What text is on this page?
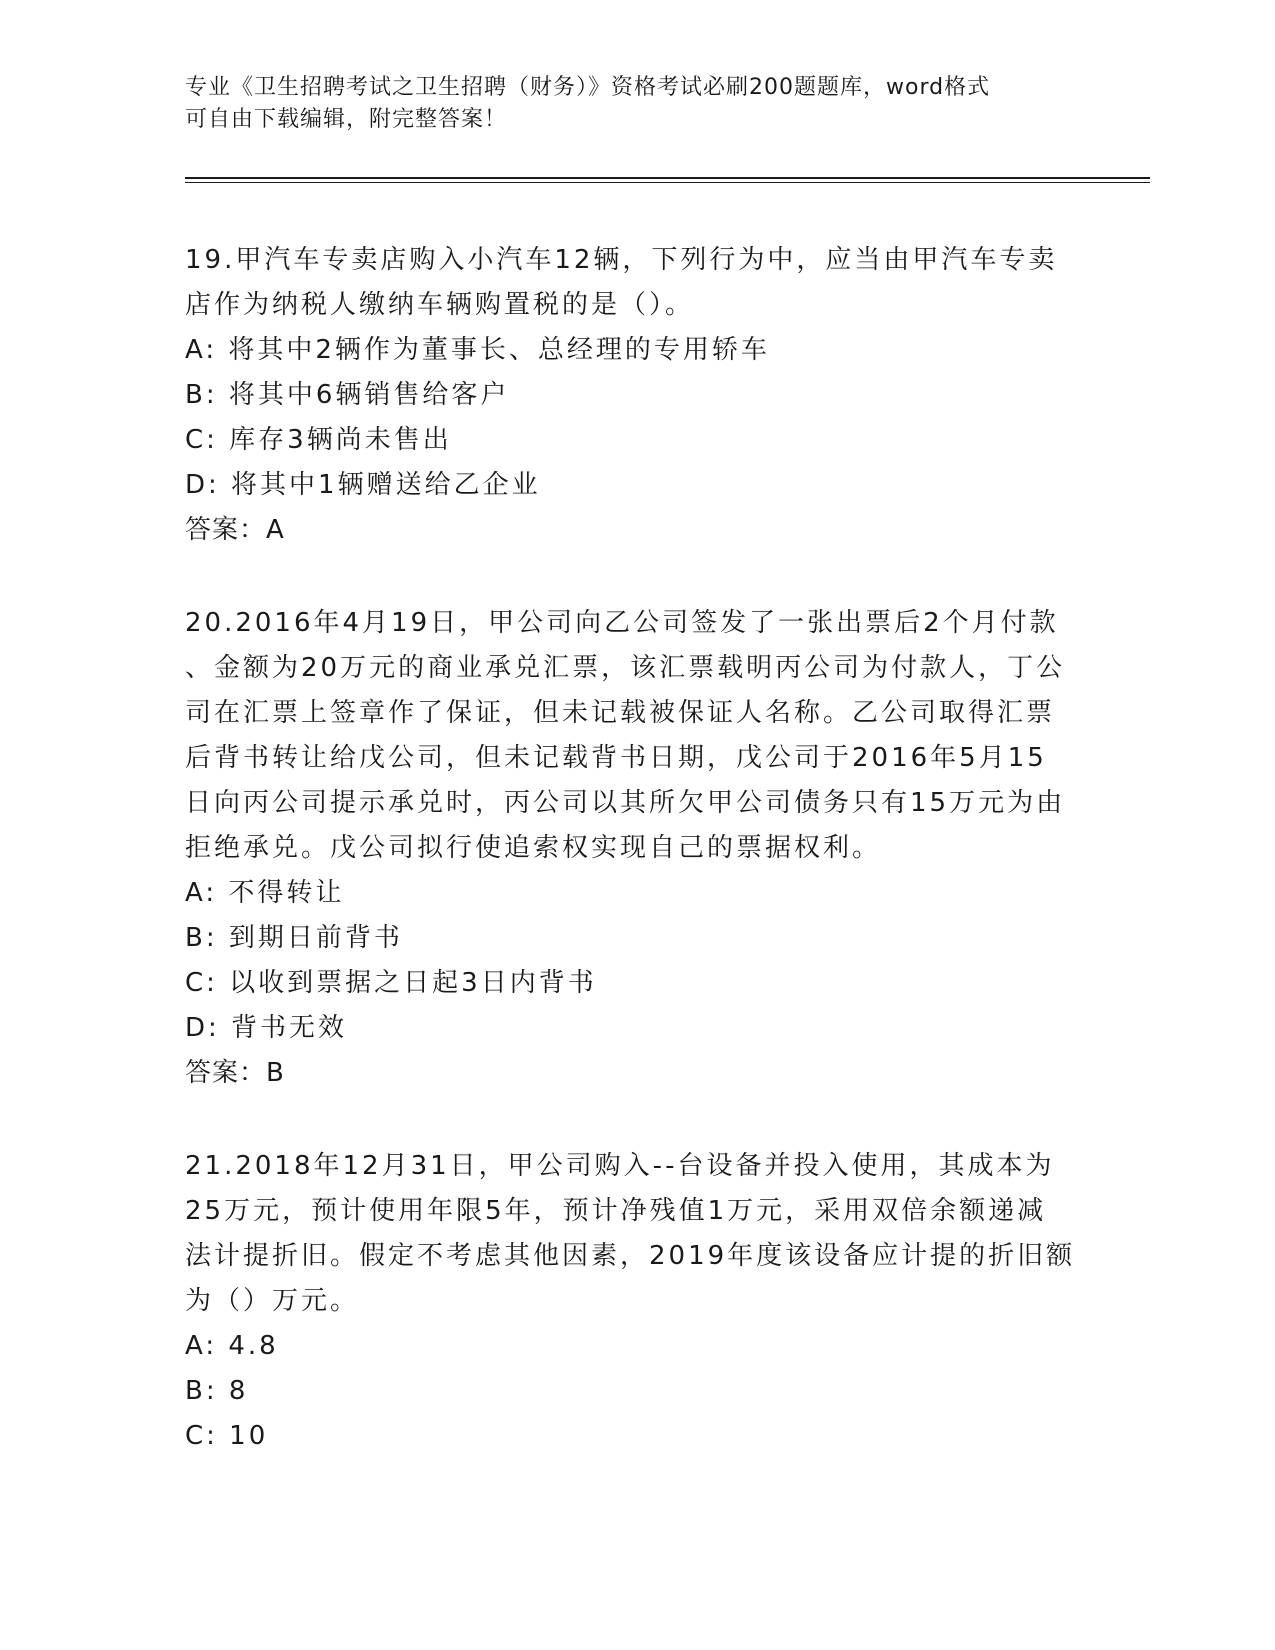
专业《卫生招聘考试之卫生招聘（财务）》资格考试必刷200题题库，word格式
可自由下载编辑，附完整答案！
19.甲汽车专卖店购入小汽车12辆，下列行为中，应当由甲汽车专卖
店作为纳税人缴纳车辆购置税的是（）。
A: 将其中2辆作为董事长、总经理的专用轿车
B: 将其中6辆销售给客户
C: 库存3辆尚未售出
D: 将其中1辆赠送给乙企业
答案：A
20.2016年4月19日，甲公司向乙公司签发了一张出票后2个月付款
、金额为20万元的商业承兑汇票，该汇票载明丙公司为付款人，丁公
司在汇票上签章作了保证，但未记载被保证人名称。乙公司取得汇票
后背书转让给戊公司，但未记载背书日期，戊公司于2016年5月15
日向丙公司提示承兑时，丙公司以其所欠甲公司债务只有15万元为由
拒绝承兑。戊公司拟行使追索权实现自己的票据权利。
A: 不得转让
B: 到期日前背书
C: 以收到票据之日起3日内背书
D: 背书无效
答案：B
21.2018年12月31日，甲公司购入--台设备并投入使用，其成本为
25万元，预计使用年限5年，预计净残值1万元，采用双倍余额递减
法计提折旧。假定不考虑其他因素，2019年度该设备应计提的折旧额
为（）万元。
A: 4.8
B: 8
C: 10
